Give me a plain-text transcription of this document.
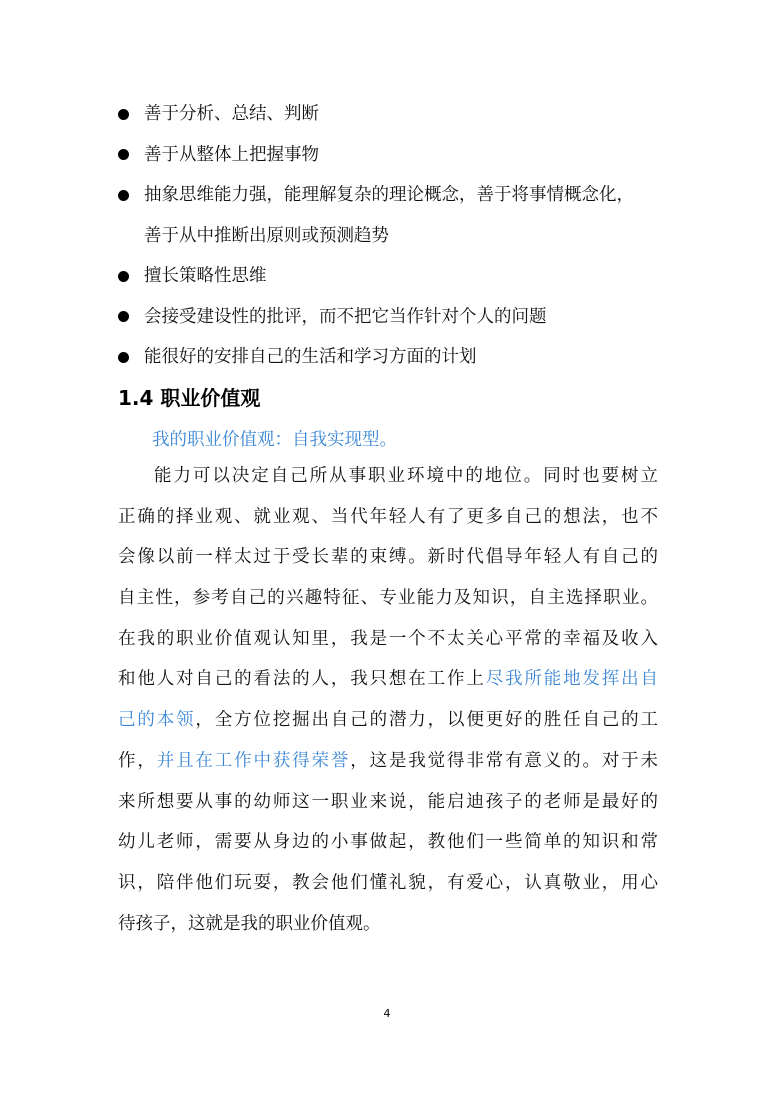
善于分析、总结、判断
善于从整体上把握事物
抽象思维能力强，能理解复杂的理论概念，善于将事情概念化，
善于从中推断出原则或预测趋势
擅长策略性思维
会接受建设性的批评，而不把它当作针对个人的问题
能很好的安排自己的生活和学习方面的计划
1.4 职业价值观
我的职业价值观：自我实现型。
能力可以决定自己所从事职业环境中的地位。同时也要树立
正确的择业观、就业观、当代年轻人有了更多自己的想法，也不
会像以前一样太过于受长辈的束缚。新时代倡导年轻人有自己的
自主性，参考自己的兴趣特征、专业能力及知识，自主选择职业。
在我的职业价值观认知里，我是一个不太关心平常的幸福及收入
和他人对自己的看法的人，我只想在工作上尽我所能地发挥出自
己的本领，全方位挖掘出自己的潜力，以便更好的胜任自己的工
作，并且在工作中获得荣誉，这是我觉得非常有意义的。对于未
来所想要从事的幼师这一职业来说，能启迪孩子的老师是最好的
幼儿老师，需要从身边的小事做起，教他们一些简单的知识和常
识，陪伴他们玩耍，教会他们懂礼貌，有爱心，认真敬业，用心
待孩子，这就是我的职业价值观。
4
